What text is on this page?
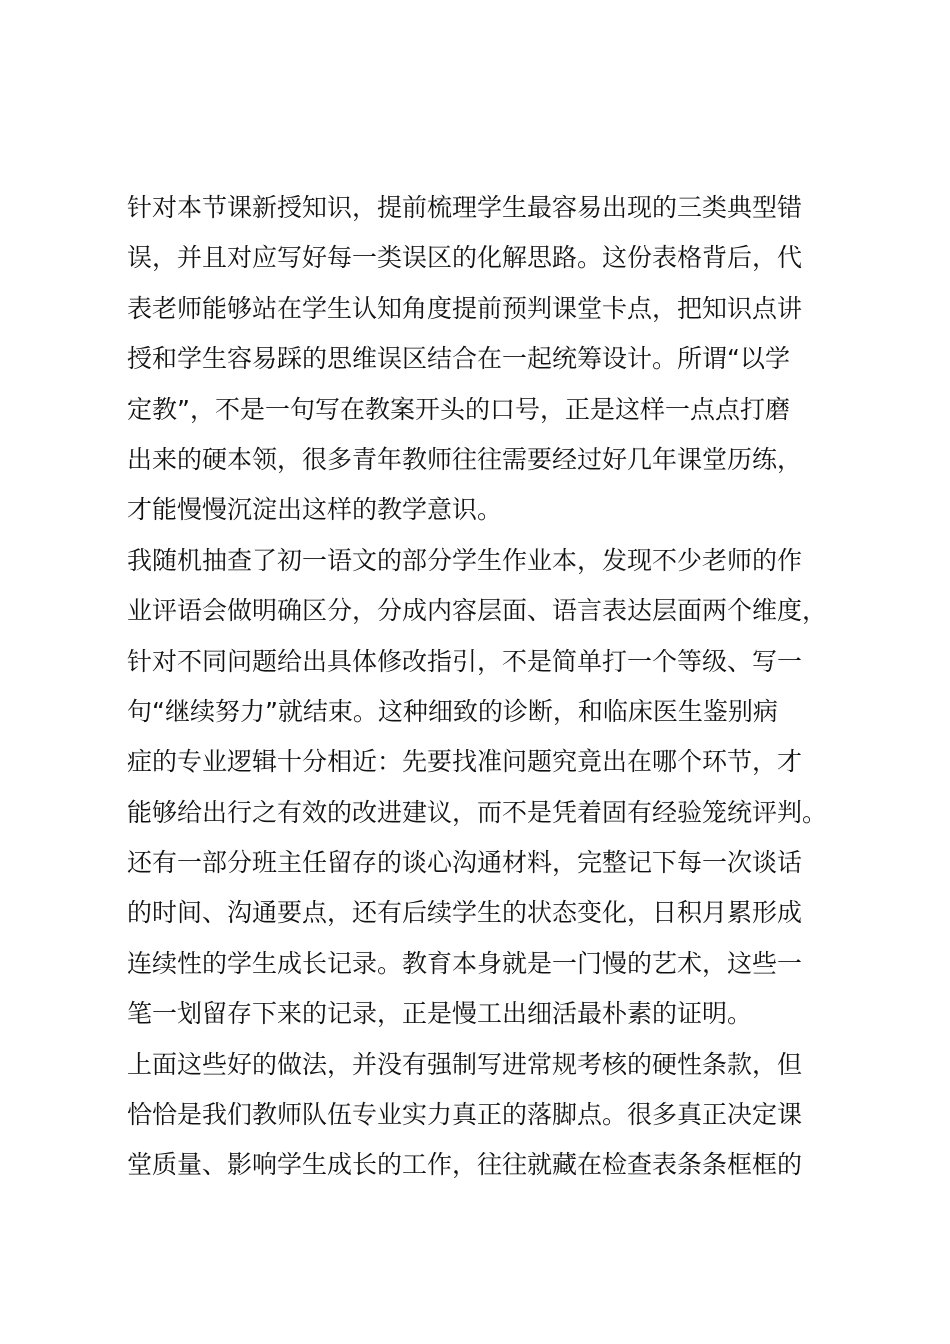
针对本节课新授知识，提前梳理学生最容易出现的三类典型错
误，并且对应写好每一类误区的化解思路。这份表格背后，代
表老师能够站在学生认知角度提前预判课堂卡点，把知识点讲
授和学生容易踩的思维误区结合在一起统筹设计。所谓“以学
定教”，不是一句写在教案开头的口号，正是这样一点点打磨
出来的硬本领，很多青年教师往往需要经过好几年课堂历练，
才能慢慢沉淀出这样的教学意识。
我随机抽查了初一语文的部分学生作业本，发现不少老师的作
业评语会做明确区分，分成内容层面、语言表达层面两个维度，
针对不同问题给出具体修改指引，不是简单打一个等级、写一
句“继续努力”就结束。这种细致的诊断，和临床医生鉴别病
症的专业逻辑十分相近：先要找准问题究竟出在哪个环节，才
能够给出行之有效的改进建议，而不是凭着固有经验笼统评判。
还有一部分班主任留存的谈心沟通材料，完整记下每一次谈话
的时间、沟通要点，还有后续学生的状态变化，日积月累形成
连续性的学生成长记录。教育本身就是一门慢的艺术，这些一
笔一划留存下来的记录，正是慢工出细活最朴素的证明。
上面这些好的做法，并没有强制写进常规考核的硬性条款，但
恰恰是我们教师队伍专业实力真正的落脚点。很多真正决定课
堂质量、影响学生成长的工作，往往就藏在检查表条条框框的
